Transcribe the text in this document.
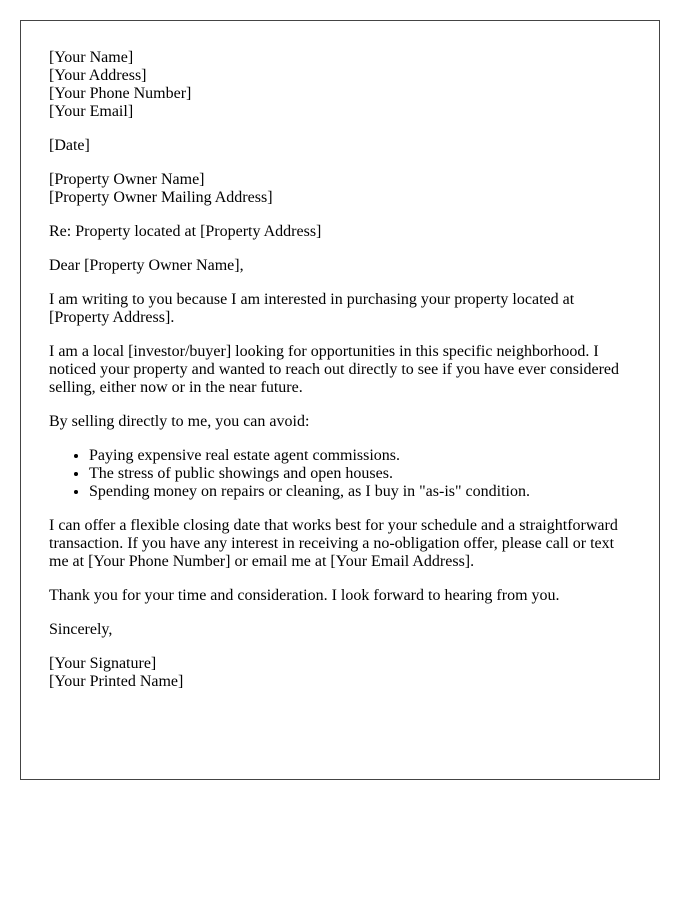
[Your Name]
[Your Address]
[Your Phone Number]
[Your Email]

[Date]

[Property Owner Name]
[Property Owner Mailing Address]

Re: Property located at [Property Address]

Dear [Property Owner Name],

I am writing to you because I am interested in purchasing your property located at [Property Address].

I am a local [investor/buyer] looking for opportunities in this specific neighborhood. I noticed your property and wanted to reach out directly to see if you have ever considered selling, either now or in the near future.

By selling directly to me, you can avoid:

• Paying expensive real estate agent commissions.
• The stress of public showings and open houses.
• Spending money on repairs or cleaning, as I buy in "as-is" condition.

I can offer a flexible closing date that works best for your schedule and a straightforward transaction. If you have any interest in receiving a no-obligation offer, please call or text me at [Your Phone Number] or email me at [Your Email Address].

Thank you for your time and consideration. I look forward to hearing from you.

Sincerely,

[Your Signature]
[Your Printed Name]
